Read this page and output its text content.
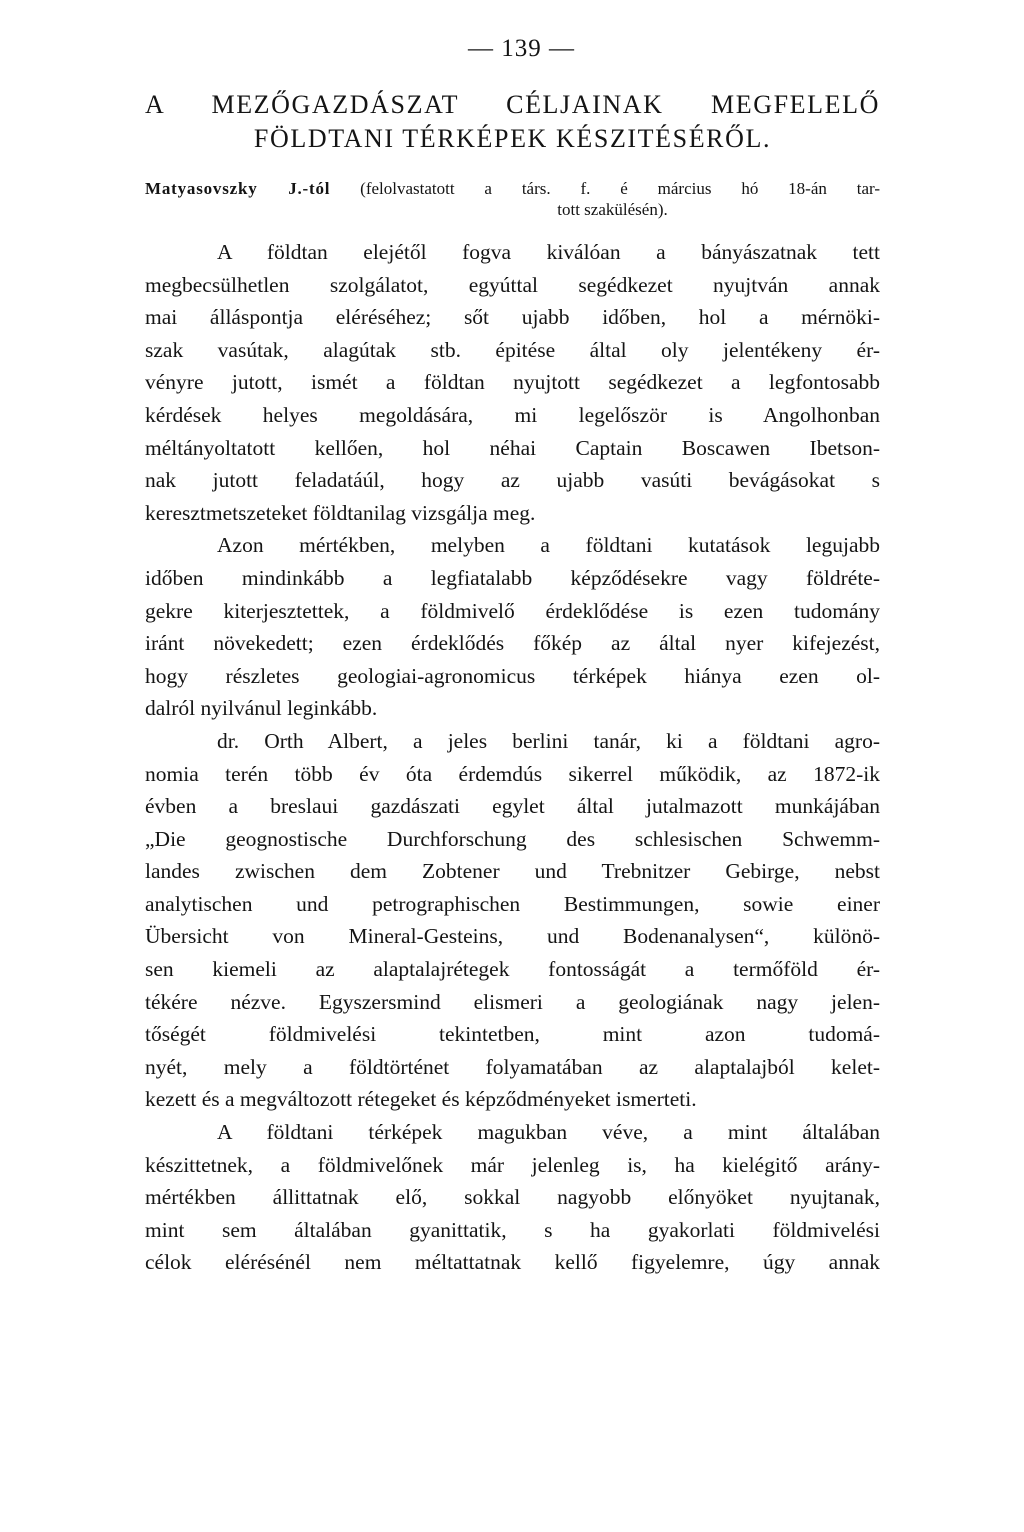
— 139 —
A MEZŐGAZDÁSZAT CÉLJAINAK MEGFELELŐ
FÖLDTANI TÉRKÉPEK KÉSZITÉSÉRŐL.
Matyasovszky J.-tól (felolvastatott a társ. f. é március hó 18-án tar-
tott szakülésén).

A földtan elejétől fogva kiválóan a bányászatnak tett
megbecsülhetlen szolgálatot, egyúttal segédkezet nyujtván annak
mai álláspontja eléréséhez; sőt ujabb időben, hol a mérnöki-
szak vasútak, alagútak stb. épitése által oly jelentékeny ér-
vényre jutott, ismét a földtan nyujtott segédkezet a legfontosabb
kérdések helyes megoldására, mi legelőször is Angolhonban
méltányoltatott kellően, hol néhai Captain Boscawen Ibetson-
nak jutott feladatáúl, hogy az ujabb vasúti bevágásokat s
keresztmetszeteket földtanilag vizsgálja meg.

Azon mértékben, melyben a földtani kutatások legujabb
időben mindinkább a legfiatalabb képződésekre vagy földréte-
gekre kiterjesztettek, a földmivelő érdeklődése is ezen tudomány
iránt növekedett; ezen érdeklődés főkép az által nyer kifejezést,
hogy részletes geologiai-agronomicus térképek hiánya ezen ol-
dalról nyilvánul leginkább.

dr. Orth Albert, a jeles berlini tanár, ki a földtani agro-
nomia terén több év óta érdemdús sikerrel működik, az 1872-ik
évben a breslaui gazdászati egylet által jutalmazott munkájában
„Die geognostische Durchforschung des schlesischen Schwemm-
landes zwischen dem Zobtener und Trebnitzer Gebirge, nebst
analytischen und petrographischen Bestimmungen, sowie einer
Übersicht von Mineral-Gesteins, und Bodenanalysen“, különö-
sen kiemeli az alaptalajrétegek fontosságát a termőföld ér-
tékére nézve. Egyszersmind elismeri a geologiának nagy jelen-
tőségét földmivelési tekintetben, mint azon tudomá-
nyét, mely a földtörténet folyamatában az alaptalajból kelet-
kezett és a megváltozott rétegeket és képződményeket ismerteti.

A földtani térképek magukban véve, a mint általában
készittetnek, a földmivelőnek már jelenleg is, ha kielégitő arány-
mértékben állittatnak elő, sokkal nagyobb előnyöket nyujtanak,
mint sem általában gyanittatik, s ha gyakorlati földmivelési
célok elérésénél nem méltattatnak kellő figyelemre, úgy annak
